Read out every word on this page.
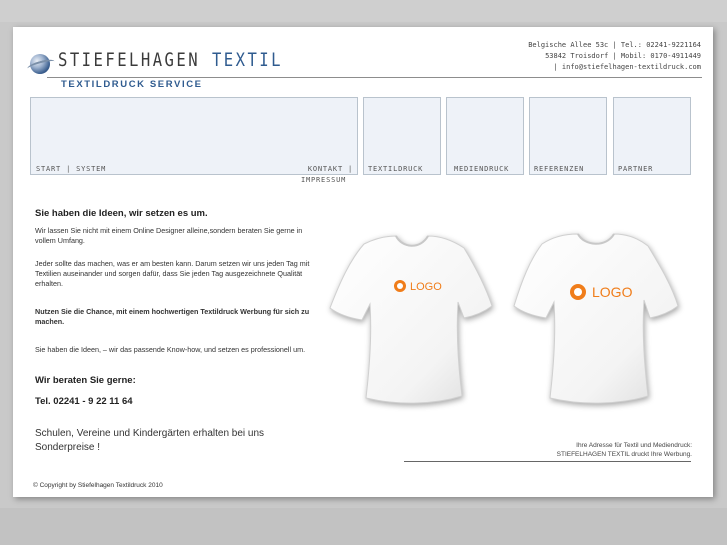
STIEFELHAGEN TEXTIL
TEXTILDRUCK SERVICE
Belgische Allee 53c | Tel.: 02241-9221164
53842 Troisdorf | Mobil: 0170-4911449
| info@stiefelhagen-textildruck.com
START | SYSTEM	KONTAKT |
IMPRESSUM
TEXTILDRUCK	MEDIENDRUCK	REFERENZEN	PARTNER
Sie haben die Ideen, wir setzen es um.
Wir lassen Sie nicht mit einem Online Designer alleine,sondern beraten Sie gerne in vollem Umfang.
Jeder sollte das machen, was er am besten kann. Darum setzen wir uns jeden Tag mit Textilien auseinander und sorgen dafür, dass Sie jeden Tag ausgezeichnete Qualität erhalten.
Nutzen Sie die Chance, mit einem hochwertigen Textildruck Werbung für sich zu machen.
Sie haben die Ideen, – wir das passende Know-how, und setzen es professionell um.
Wir beraten Sie gerne:
Tel. 02241 - 9 22 11 64
Schulen, Vereine und Kindergärten erhalten bei uns Sonderpreise !
LOGO	LOGO
Ihre Adresse für Textil und Mediendruck:
STIEFELHAGEN TEXTIL druckt Ihre Werbung.
© Copyright by Stiefelhagen Textildruck 2010
